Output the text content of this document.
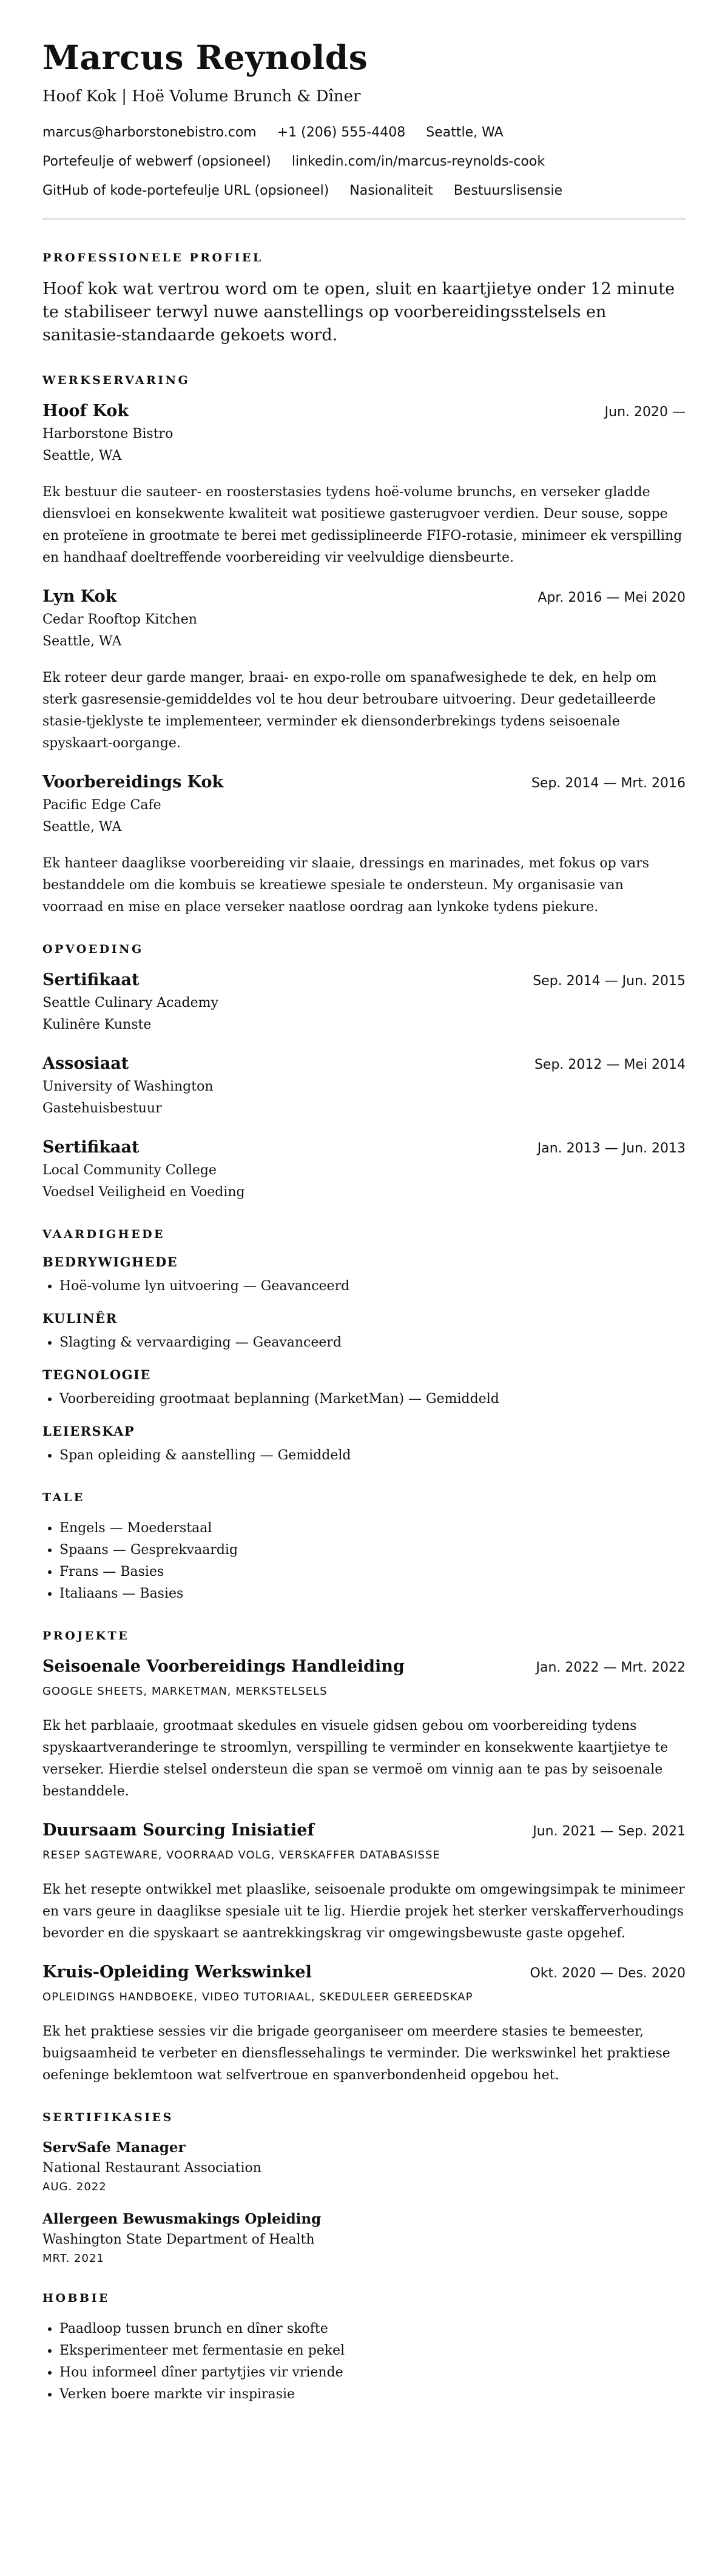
Marcus Reynolds
Hoof Kok | Hoë Volume Brunch & Dîner
marcus@harborstonebistro.com +1 (206) 555-4408 Seattle, WA
Portefeulje of webwerf (opsioneel) linkedin.com/in/marcus-reynolds-cook
GitHub of kode-portefeulje URL (opsioneel) Nasionaliteit Bestuurslisensie
PROFESSIONELE PROFIEL
Hoof kok wat vertrou word om te open, sluit en kaartjietye onder 12 minute te stabiliseer terwyl nuwe aanstellings op voorbereidingsstelsels en sanitasie-standaarde gekoets word.
WERKSERVARING
Hoof Kok	Jun. 2020 —
Harborstone Bistro
Seattle, WA
Ek bestuur die sauteer- en roosterstasies tydens hoë-volume brunchs, en verseker gladde diensvloei en konsekwente kwaliteit wat positiewe gasterugvoer verdien. Deur souse, soppe en proteïene in grootmate te berei met gedissiplineerde FIFO-rotasie, minimeer ek verspilling en handhaaf doeltreffende voorbereiding vir veelvuldige diensbeurte.
Lyn Kok	Apr. 2016 — Mei 2020
Cedar Rooftop Kitchen
Seattle, WA
Ek roteer deur garde manger, braai- en expo-rolle om spanafwesighede te dek, en help om sterk gasresensie-gemiddeldes vol te hou deur betroubare uitvoering. Deur gedetailleerde stasie-tjeklyste te implementeer, verminder ek diensonderbrekings tydens seisoenale spyskaart-oorgange.
Voorbereidings Kok	Sep. 2014 — Mrt. 2016
Pacific Edge Cafe
Seattle, WA
Ek hanteer daaglikse voorbereiding vir slaaie, dressings en marinades, met fokus op vars bestanddele om die kombuis se kreatiewe spesiale te ondersteun. My organisasie van voorraad en mise en place verseker naatlose oordrag aan lynkoke tydens piekure.
OPVOEDING
Sertifikaat	Sep. 2014 — Jun. 2015
Seattle Culinary Academy
Kulinêre Kunste
Assosiaat	Sep. 2012 — Mei 2014
University of Washington
Gastehuisbestuur
Sertifikaat	Jan. 2013 — Jun. 2013
Local Community College
Voedsel Veiligheid en Voeding
VAARDIGHEDE
BEDRYWIGHEDE
• Hoë-volume lyn uitvoering — Geavanceerd
KULINÊR
• Slagting & vervaardiging — Geavanceerd
TEGNOLOGIE
• Voorbereiding grootmaat beplanning (MarketMan) — Gemiddeld
LEIERSKAP
• Span opleiding & aanstelling — Gemiddeld
TALE
• Engels — Moederstaal
• Spaans — Gesprekvaardig
• Frans — Basies
• Italiaans — Basies
PROJEKTE
Seisoenale Voorbereidings Handleiding	Jan. 2022 — Mrt. 2022
GOOGLE SHEETS, MARKETMAN, MERKSTELSELS
Ek het parblaaie, grootmaat skedules en visuele gidsen gebou om voorbereiding tydens spyskaartveranderinge te stroomlyn, verspilling te verminder en konsekwente kaartjietye te verseker. Hierdie stelsel ondersteun die span se vermoë om vinnig aan te pas by seisoenale bestanddele.
Duursaam Sourcing Inisiatief	Jun. 2021 — Sep. 2021
RESEP SAGTEWARE, VOORRAAD VOLG, VERSKAFFER DATABASISSE
Ek het resepte ontwikkel met plaaslike, seisoenale produkte om omgewingsimpak te minimeer en vars geure in daaglikse spesiale uit te lig. Hierdie projek het sterker verskafferverhoudings bevorder en die spyskaart se aantrekkingskrag vir omgewingsbewuste gaste opgehef.
Kruis-Opleiding Werkswinkel	Okt. 2020 — Des. 2020
OPLEIDINGS HANDBOEKE, VIDEO TUTORIAAL, SKEDULEER GEREEDSKAP
Ek het praktiese sessies vir die brigade georganiseer om meerdere stasies te bemeester, buigsaamheid te verbeter en diensflessehalings te verminder. Die werkswinkel het praktiese oefeninge beklemtoon wat selfvertroue en spanverbondenheid opgebou het.
SERTIFIKASIES
ServSafe Manager
National Restaurant Association
AUG. 2022
Allergeen Bewusmakings Opleiding
Washington State Department of Health
MRT. 2021
HOBBIE
• Paadloop tussen brunch en dîner skofte
• Eksperimenteer met fermentasie en pekel
• Hou informeel dîner partytjies vir vriende
• Verken boere markte vir inspirasie
